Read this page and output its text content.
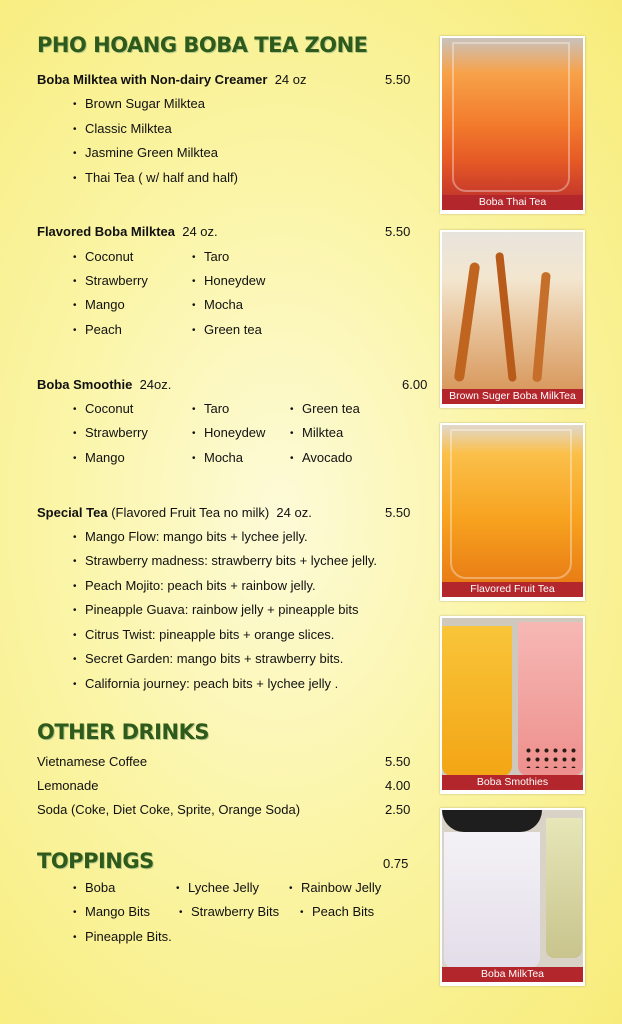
PHO HOANG BOBA TEA ZONE
Boba Milktea with Non-dairy Creamer 24 oz	5.50
• Brown Sugar Milktea
• Classic Milktea
• Jasmine Green Milktea
• Thai Tea ( w/ half and half)
Flavored Boba Milktea 24 oz.	5.50
• Coconut
• Strawberry
• Mango
• Peach
• Taro
• Honeydew
• Mocha
• Green tea
Boba Smoothie 24oz.	6.00
• Coconut
• Strawberry
• Mango
• Taro
• Honeydew
• Mocha
• Green tea
• Milktea
• Avocado
Special Tea (Flavored Fruit Tea no milk) 24 oz.	5.50
• Mango Flow: mango bits + lychee jelly.
• Strawberry madness: strawberry bits + lychee jelly.
• Peach Mojito: peach bits + rainbow jelly.
• Pineapple Guava: rainbow jelly + pineapple bits
• Citrus Twist: pineapple bits + orange slices.
• Secret Garden: mango bits + strawberry bits.
• California journey: peach bits + lychee jelly .
OTHER DRINKS
Vietnamese Coffee	5.50
Lemonade	4.00
Soda (Coke, Diet Coke, Sprite, Orange Soda)	2.50
TOPPINGS	0.75
• Boba	• Lychee Jelly	• Rainbow Jelly
• Mango Bits	• Strawberry Bits	• Peach Bits
• Pineapple Bits.
Boba Thai Tea
Brown Suger Boba MilkTea
Flavored Fruit Tea
Boba Smothies
Boba MilkTea
